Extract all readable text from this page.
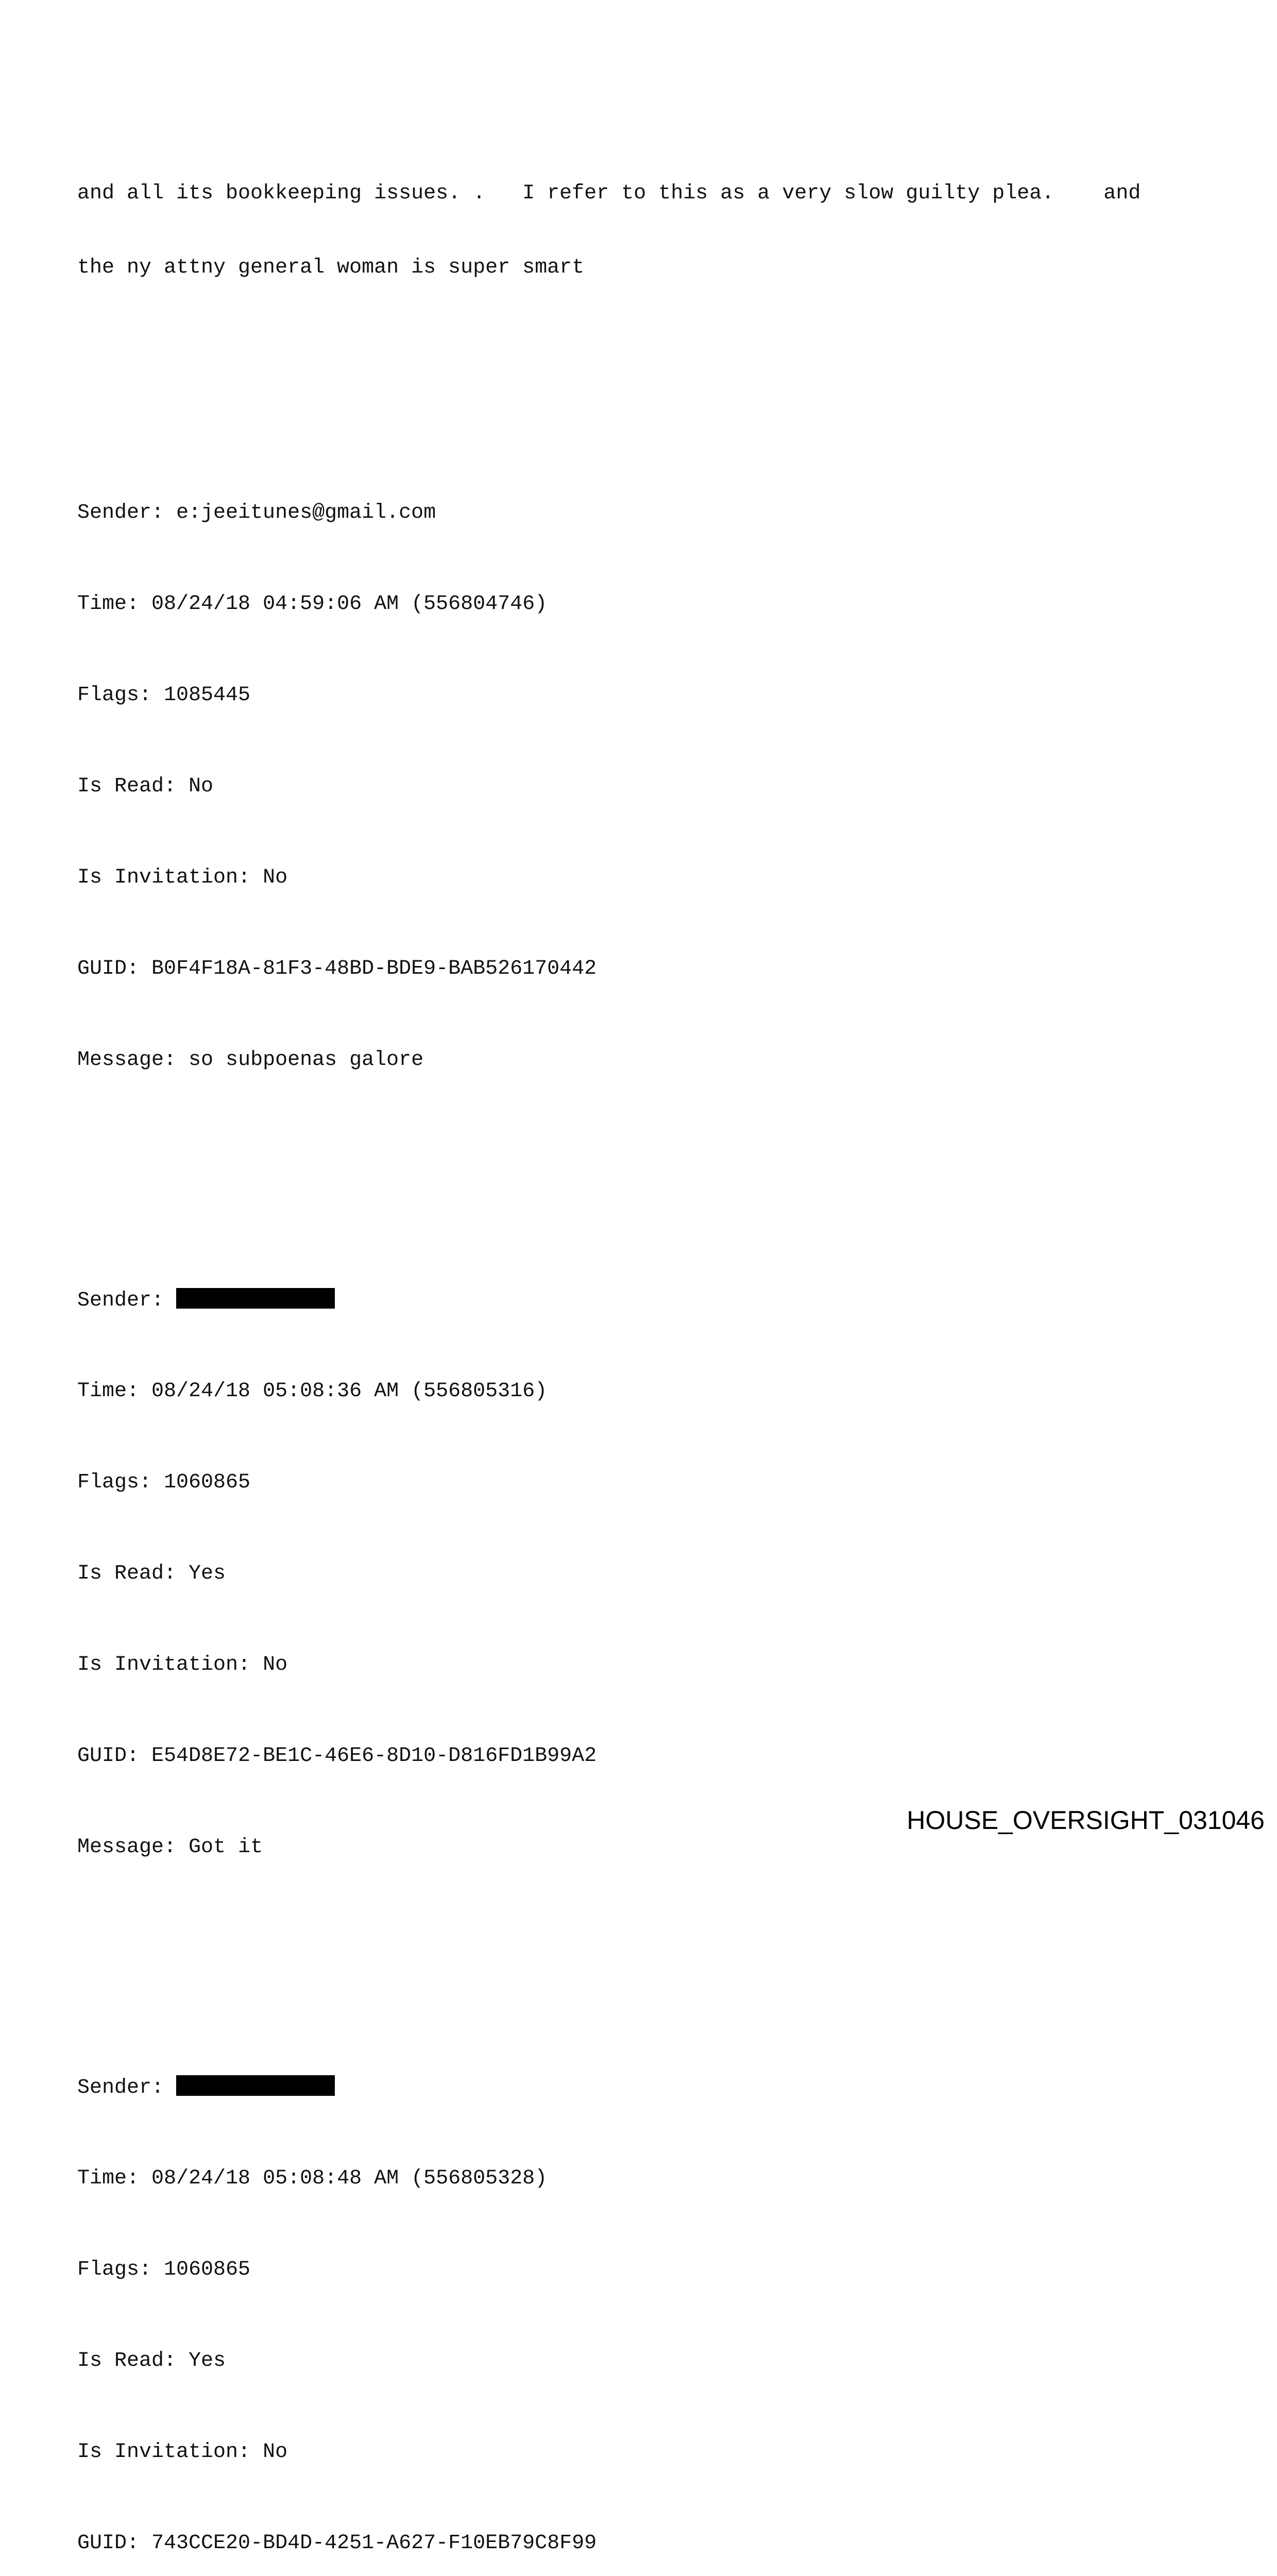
and all its bookkeeping issues. .   I refer to this as a very slow guilty plea.    and

the ny attny general woman is super smart

Sender: e:jeeitunes@gmail.com

Time: 08/24/18 04:59:06 AM (556804746)

Flags: 1085445

Is Read: No

Is Invitation: No

GUID: B0F4F18A-81F3-48BD-BDE9-BAB526170442

Message: so subpoenas galore

Sender:

Time: 08/24/18 05:08:36 AM (556805316)

Flags: 1060865

Is Read: Yes

Is Invitation: No

GUID: E54D8E72-BE1C-46E6-8D10-D816FD1B99A2

Message: Got it

Sender:

Time: 08/24/18 05:08:48 AM (556805328)

Flags: 1060865

Is Read: Yes

Is Invitation: No

GUID: 743CCE20-BD4D-4251-A627-F10EB79C8F99

HOUSE_OVERSIGHT_031046
